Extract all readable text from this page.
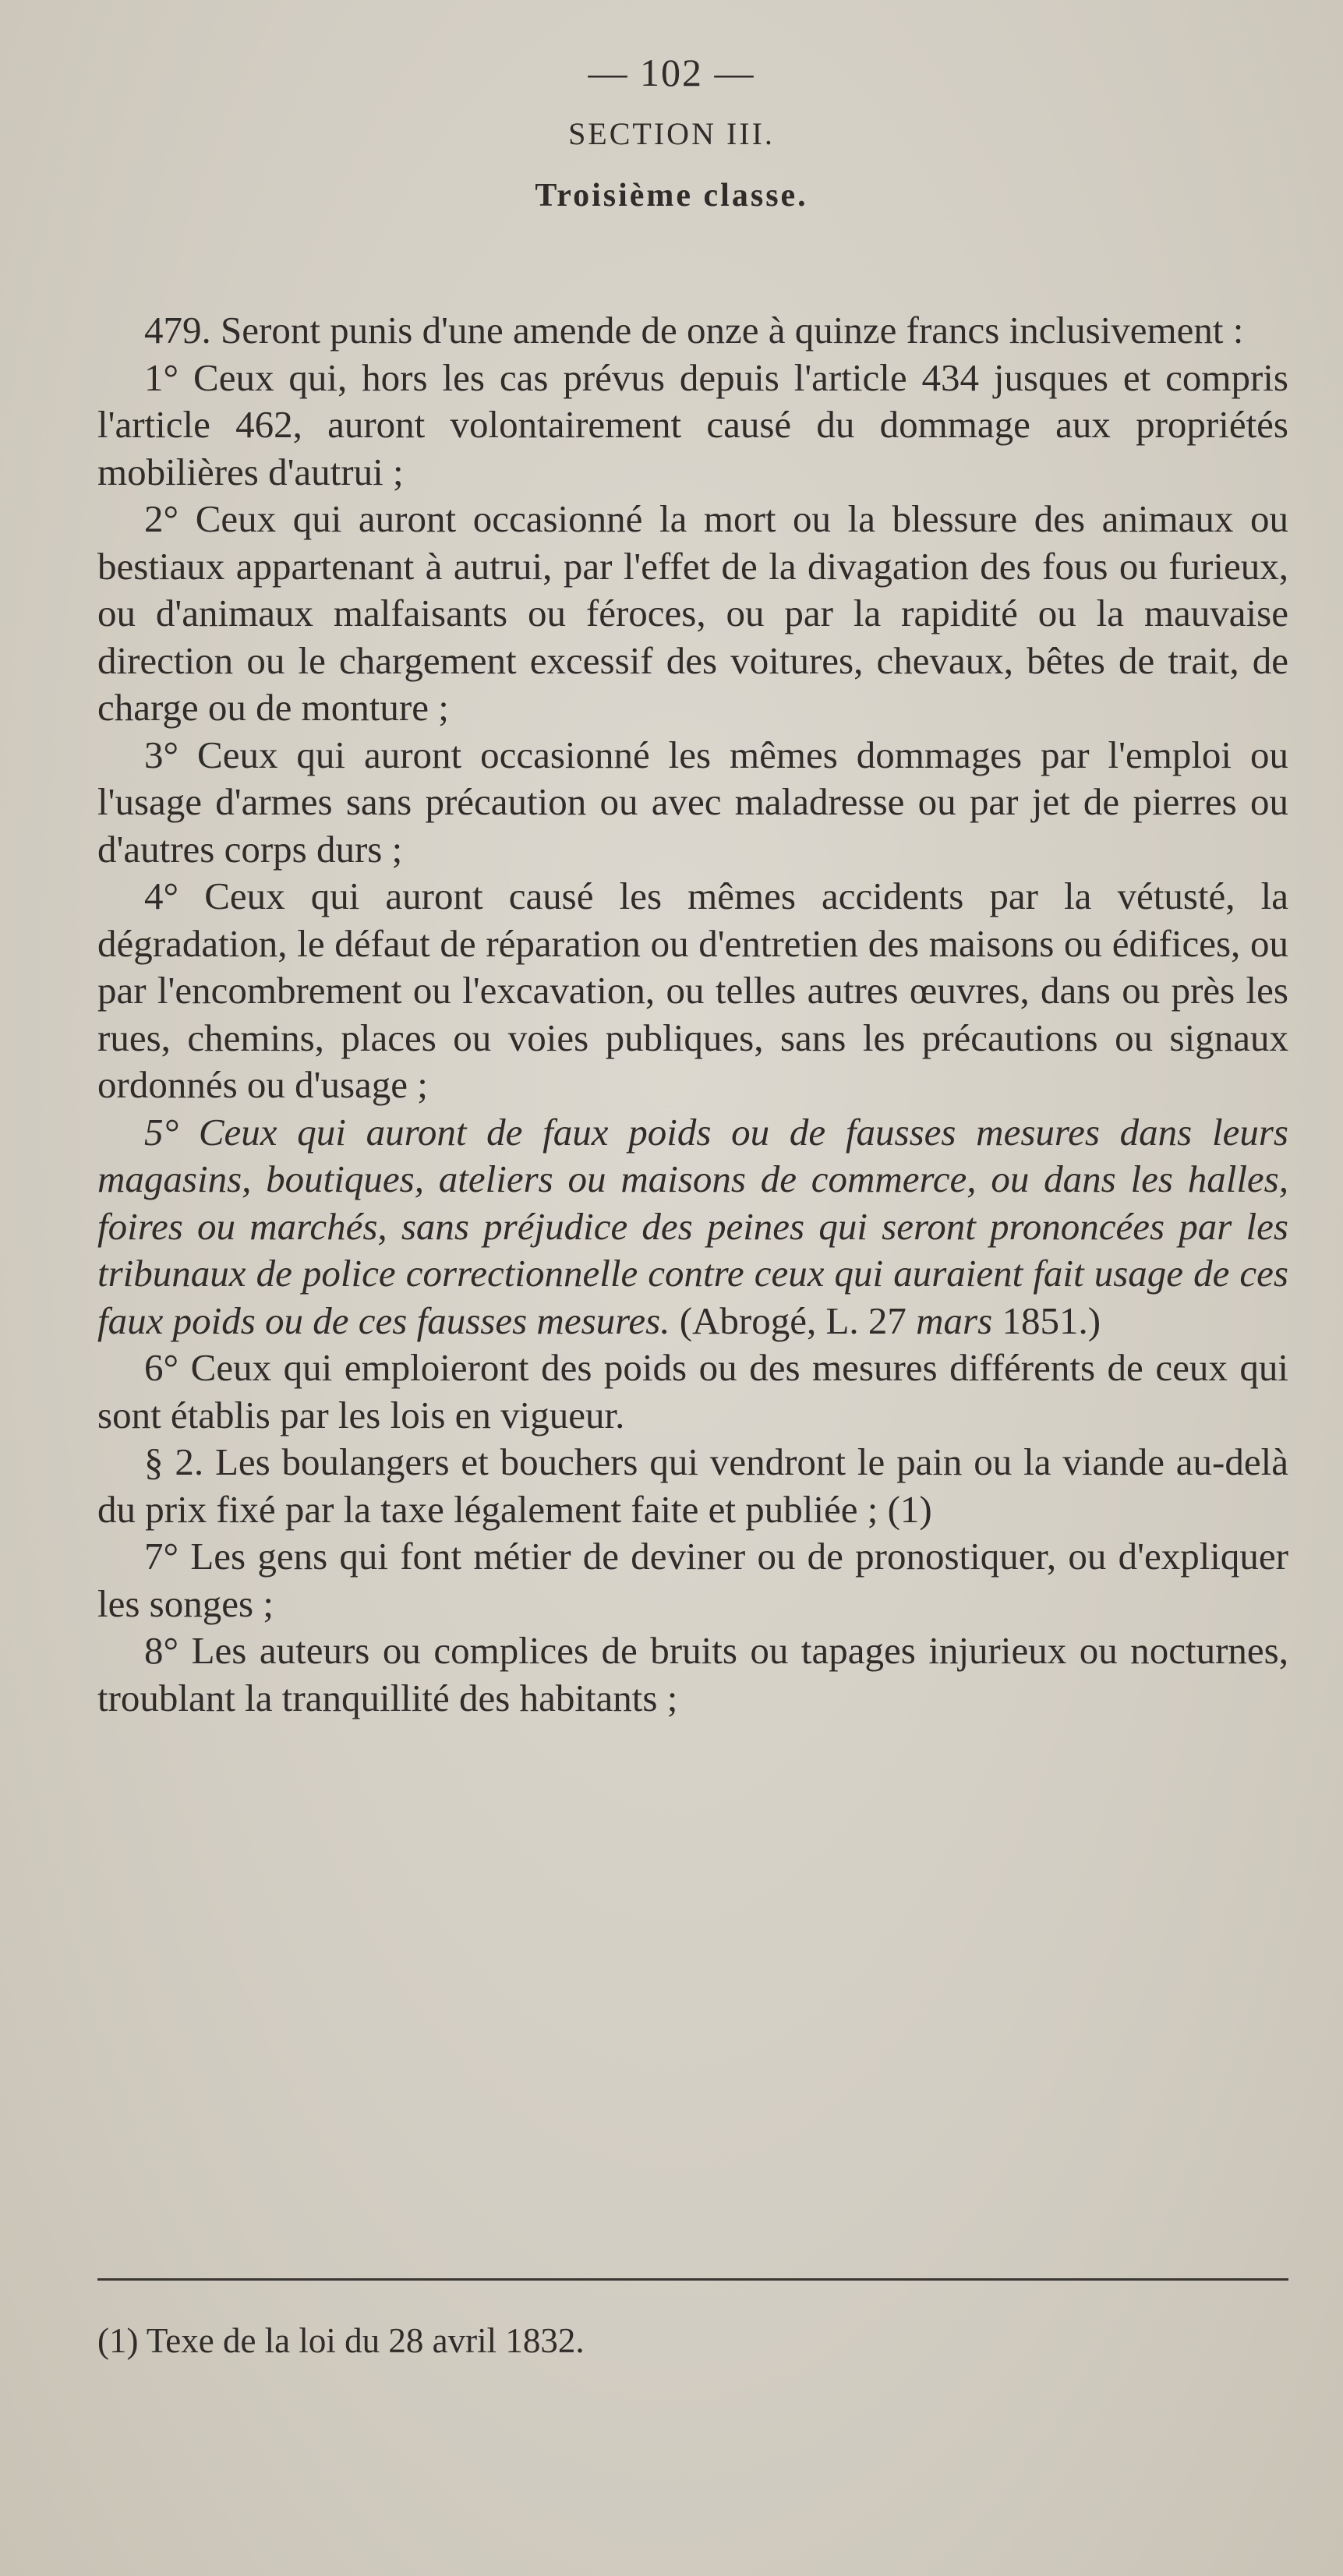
— 102 —
SECTION III.
Troisième classe.

479. Seront punis d'une amende de onze à quinze francs inclusivement :

1° Ceux qui, hors les cas prévus depuis l'article 434 jusques et compris l'article 462, auront volontairement causé du dommage aux propriétés mobilières d'autrui ;

2° Ceux qui auront occasionné la mort ou la blessure des animaux ou bestiaux appartenant à autrui, par l'effet de la divagation des fous ou furieux, ou d'animaux malfaisants ou féroces, ou par la rapidité ou la mauvaise direction ou le chargement excessif des voitures, chevaux, bêtes de trait, de charge ou de monture ;

3° Ceux qui auront occasionné les mêmes dommages par l'emploi ou l'usage d'armes sans précaution ou avec maladresse ou par jet de pierres ou d'autres corps durs ;

4° Ceux qui auront causé les mêmes accidents par la vétusté, la dégradation, le défaut de réparation ou d'entretien des maisons ou édifices, ou par l'encombrement ou l'excavation, ou telles autres œuvres, dans ou près les rues, chemins, places ou voies publiques, sans les précautions ou signaux ordonnés ou d'usage ;

5° Ceux qui auront de faux poids ou de fausses mesures dans leurs magasins, boutiques, ateliers ou maisons de commerce, ou dans les halles, foires ou marchés, sans préjudice des peines qui seront prononcées par les tribunaux de police correctionnelle contre ceux qui auraient fait usage de ces faux poids ou de ces fausses mesures. (Abrogé, L. 27 mars 1851.)

6° Ceux qui emploieront des poids ou des mesures différents de ceux qui sont établis par les lois en vigueur.

§ 2. Les boulangers et bouchers qui vendront le pain ou la viande au-delà du prix fixé par la taxe légalement faite et publiée ; (1)

7° Les gens qui font métier de deviner ou de pronostiquer, ou d'expliquer les songes ;

8° Les auteurs ou complices de bruits ou tapages injurieux ou nocturnes, troublant la tranquillité des habitants ;

(1) Texe de la loi du 28 avril 1832.
